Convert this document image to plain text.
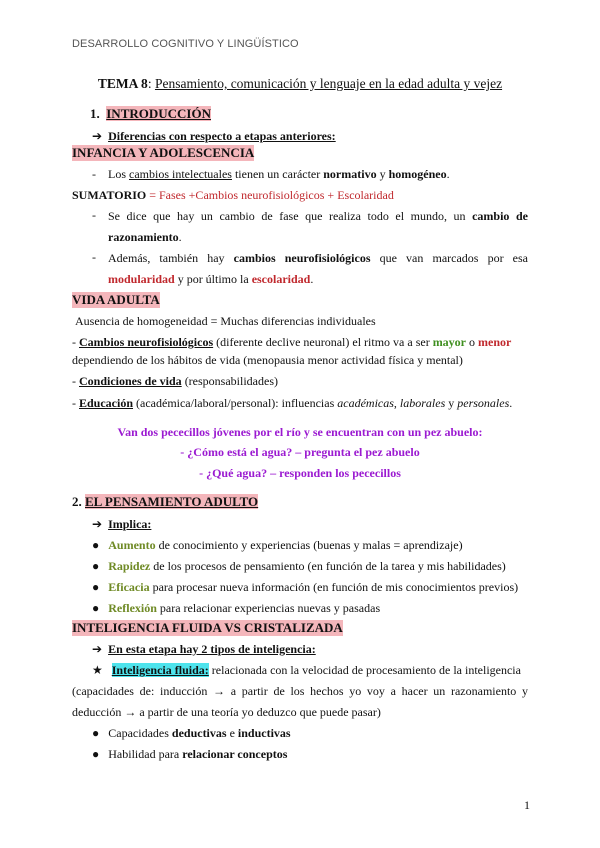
DESARROLLO COGNITIVO Y LINGÜÍSTICO
TEMA 8: Pensamiento, comunicación y lenguaje en la edad adulta y vejez
1. INTRODUCCIÓN
➔ Diferencias con respecto a etapas anteriores:
INFANCIA Y ADOLESCENCIA
- Los cambios intelectuales tienen un carácter normativo y homogéneo.
SUMATORIO = Fases +Cambios neurofisiológicos + Escolaridad
- Se dice que hay un cambio de fase que realiza todo el mundo, un cambio de
razonamiento.
- Además, también hay cambios neurofisiológicos que van marcados por esa
modularidad y por último la escolaridad.
VIDA ADULTA
Ausencia de homogeneidad = Muchas diferencias individuales
- Cambios neurofisiológicos (diferente declive neuronal) el ritmo va a ser mayor o menor
dependiendo de los hábitos de vida (menopausia menor actividad física y mental)
- Condiciones de vida (responsabilidades)
- Educación (académica/laboral/personal): influencias académicas, laborales y personales.
Van dos pececillos jóvenes por el río y se encuentran con un pez abuelo:
- ¿Cómo está el agua? – pregunta el pez abuelo
- ¿Qué agua? – responden los pececillos
2. EL PENSAMIENTO ADULTO
➔ Implica:
● Aumento de conocimiento y experiencias (buenas y malas = aprendizaje)
● Rapidez de los procesos de pensamiento (en función de la tarea y mis habilidades)
● Eficacia para procesar nueva información (en función de mis conocimientos previos)
● Reflexión para relacionar experiencias nuevas y pasadas
INTELIGENCIA FLUIDA VS CRISTALIZADA
➔ En esta etapa hay 2 tipos de inteligencia:
★ Inteligencia fluida: relacionada con la velocidad de procesamiento de la inteligencia
(capacidades de: inducción → a partir de los hechos yo voy a hacer un razonamiento y
deducción → a partir de una teoría yo deduzco que puede pasar)
● Capacidades deductivas e inductivas
● Habilidad para relacionar conceptos
1
